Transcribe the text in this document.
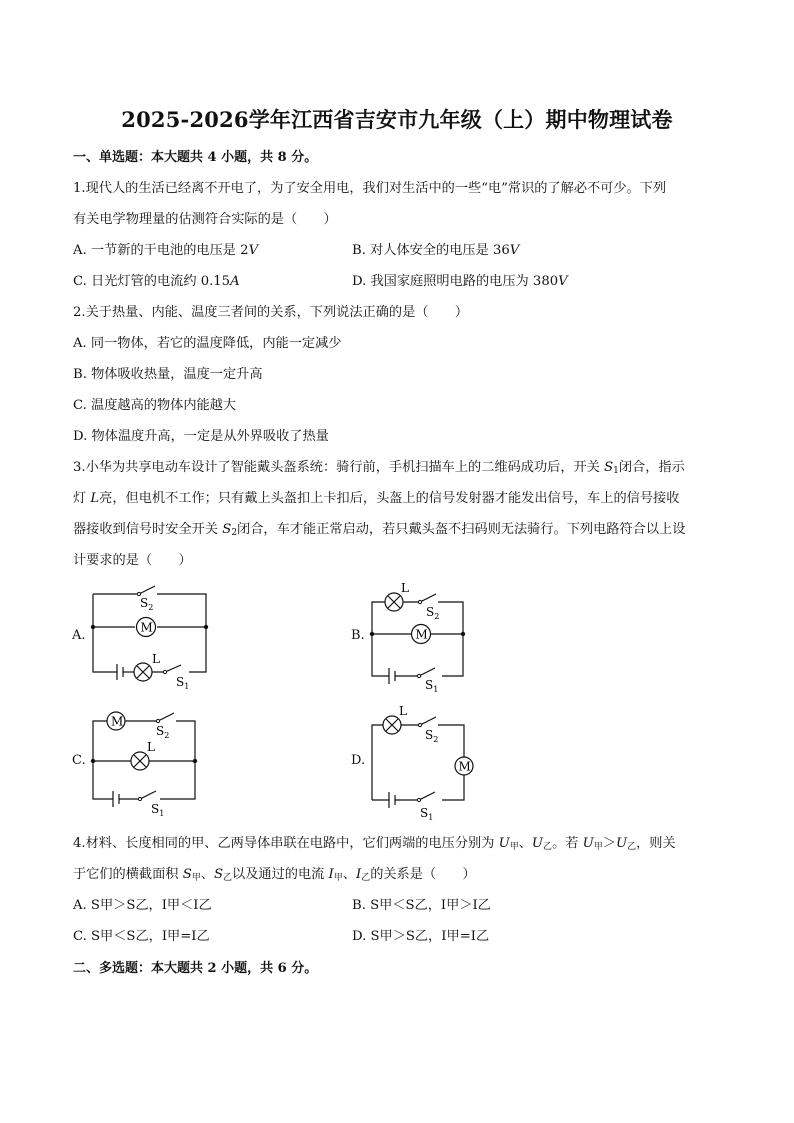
2025-2026学年江西省吉安市九年级（上）期中物理试卷
一、单选题：本大题共 4 小题，共 8 分。
1.现代人的生活已经离不开电了，为了安全用电，我们对生活中的一些“电”常识的了解必不可少。下列
有关电学物理量的估测符合实际的是（　　）
A. 一节新的干电池的电压是 2V	B. 对人体安全的电压是 36V
C. 日光灯管的电流约 0.15A	D. 我国家庭照明电路的电压为 380V
2.关于热量、内能、温度三者间的关系，下列说法正确的是（　　）
A. 同一物体，若它的温度降低，内能一定减少
B. 物体吸收热量，温度一定升高
C. 温度越高的物体内能越大
D. 物体温度升高，一定是从外界吸收了热量
3.小华为共享电动车设计了智能戴头盔系统：骑行前，手机扫描车上的二维码成功后，开关 $S_1$闭合，指示
灯 L亮，但电机不工作；只有戴上头盔扣上卡扣后，头盔上的信号发射器才能发出信号，车上的信号接收
器接收到信号时安全开关 $S_2$闭合，车才能正常启动，若只戴头盔不扫码则无法骑行。下列电路符合以上设
计要求的是（　　）
A.
M
$S_2$
L
$S_1$
B.	M
L
$S_2$
$S_1$
C.
M
L
$S_2$
$S_1$
D.	M
L
$S_2$
$S_1$
4.材料、长度相同的甲、乙两导体串联在电路中，它们两端的电压分别为 $U_甲$、$U_乙$。若 $U_甲>U_乙$，则关
于它们的横截面积 $S_甲$、$S_乙$以及通过的电流 $I_甲$、$I_乙$的关系是（　　）
A. S甲＞S乙，I甲＜I乙	B. S甲＜S乙，I甲＞I乙
C. S甲＜S乙，I甲=I乙	D. S甲＞S乙，I甲=I乙
二、多选题：本大题共 2 小题，共 6 分。
